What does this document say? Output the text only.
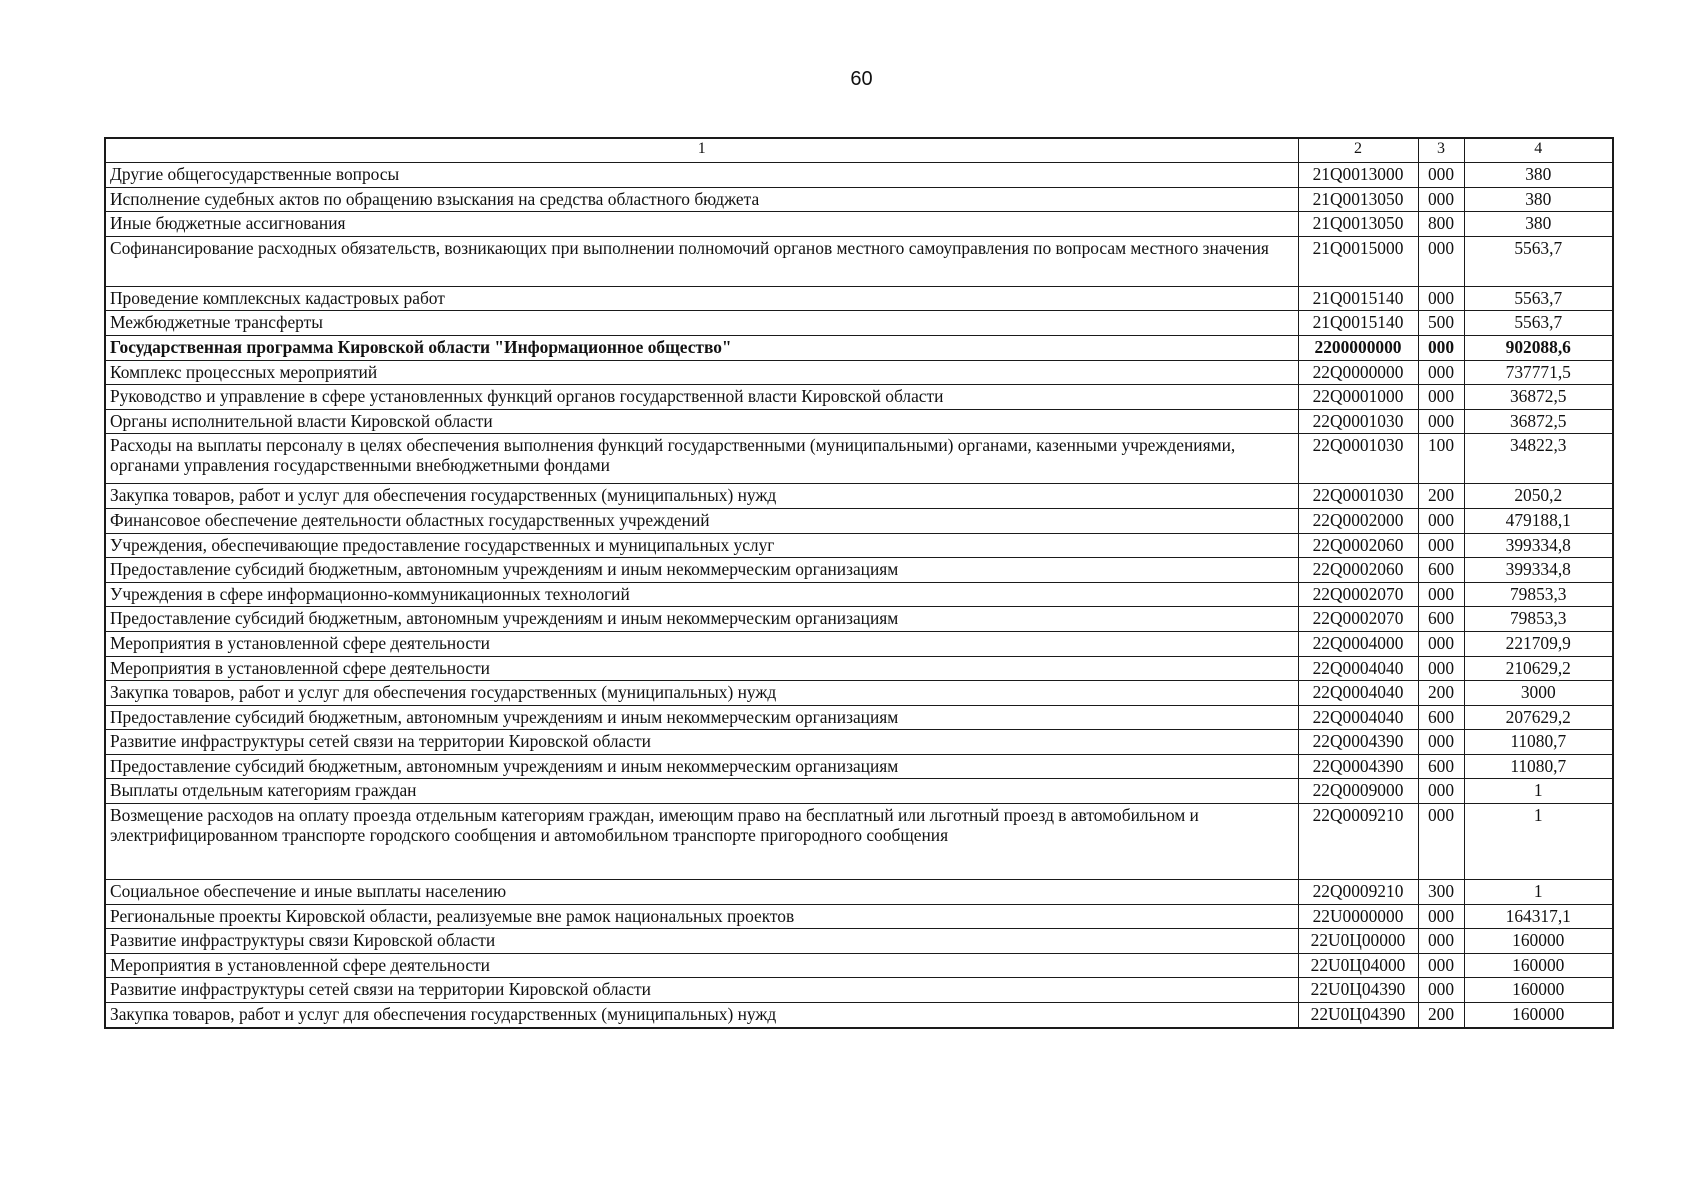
60
1	2	3	4
Другие общегосударственные вопросы	21Q0013000	000	380
Исполнение судебных актов по обращению взыскания на средства областного бюджета	21Q0013050	000	380
Иные бюджетные ассигнования	21Q0013050	800	380
Софинансирование расходных обязательств, возникающих при выполнении полномочий органов местного самоуправления по вопросам местного значения	21Q0015000	000	5563,7
Проведение комплексных кадастровых работ	21Q0015140	000	5563,7
Межбюджетные трансферты	21Q0015140	500	5563,7
Государственная программа Кировской области "Информационное общество"	2200000000	000	902088,6
Комплекс процессных мероприятий	22Q0000000	000	737771,5
Руководство и управление в сфере установленных функций органов государственной власти Кировской области	22Q0001000	000	36872,5
Органы исполнительной власти Кировской области	22Q0001030	000	36872,5
Расходы на выплаты персоналу в целях обеспечения выполнения функций государственными (муниципальными) органами, казенными учреждениями, органами управления государственными внебюджетными фондами	22Q0001030	100	34822,3
Закупка товаров, работ и услуг для обеспечения государственных (муниципальных) нужд	22Q0001030	200	2050,2
Финансовое обеспечение деятельности областных государственных учреждений	22Q0002000	000	479188,1
Учреждения, обеспечивающие предоставление государственных и муниципальных услуг	22Q0002060	000	399334,8
Предоставление субсидий бюджетным, автономным учреждениям и иным некоммерческим организациям	22Q0002060	600	399334,8
Учреждения в сфере информационно-коммуникационных технологий	22Q0002070	000	79853,3
Предоставление субсидий бюджетным, автономным учреждениям и иным некоммерческим организациям	22Q0002070	600	79853,3
Мероприятия в установленной сфере деятельности	22Q0004000	000	221709,9
Мероприятия в установленной сфере деятельности	22Q0004040	000	210629,2
Закупка товаров, работ и услуг для обеспечения государственных (муниципальных) нужд	22Q0004040	200	3000
Предоставление субсидий бюджетным, автономным учреждениям и иным некоммерческим организациям	22Q0004040	600	207629,2
Развитие инфраструктуры сетей связи на территории Кировской области	22Q0004390	000	11080,7
Предоставление субсидий бюджетным, автономным учреждениям и иным некоммерческим организациям	22Q0004390	600	11080,7
Выплаты отдельным категориям граждан	22Q0009000	000	1
Возмещение расходов на оплату проезда отдельным категориям граждан, имеющим право на бесплатный или льготный проезд в автомобильном и электрифицированном транспорте городского сообщения и автомобильном транспорте пригородного сообщения	22Q0009210	000	1
Социальное обеспечение и иные выплаты населению	22Q0009210	300	1
Региональные проекты Кировской области, реализуемые вне рамок национальных проектов	22U0000000	000	164317,1
Развитие инфраструктуры связи Кировской области	22U0Ц00000	000	160000
Мероприятия в установленной сфере деятельности	22U0Ц04000	000	160000
Развитие инфраструктуры сетей связи на территории Кировской области	22U0Ц04390	000	160000
Закупка товаров, работ и услуг для обеспечения государственных (муниципальных) нужд	22U0Ц04390	200	160000
